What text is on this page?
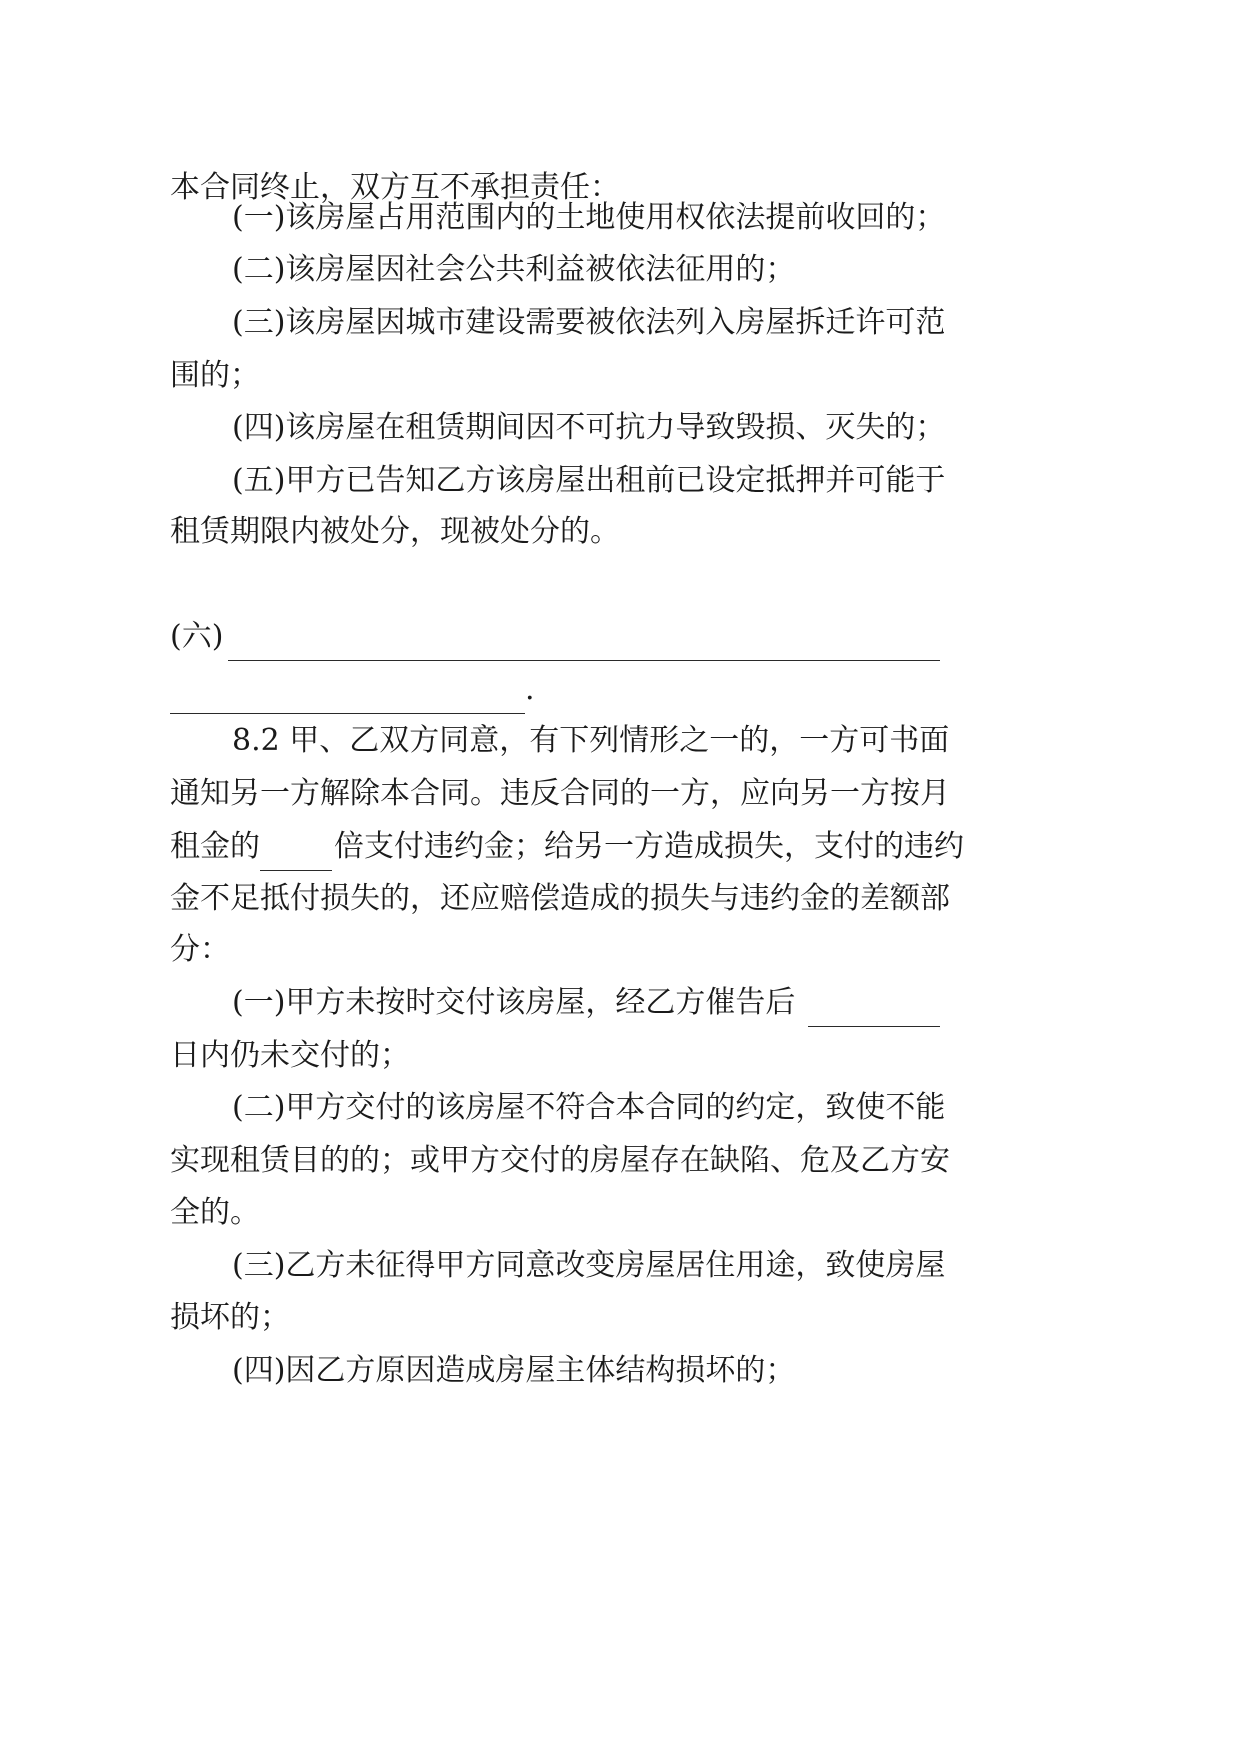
本合同终止，双方互不承担责任：
(一)该房屋占用范围内的土地使用权依法提前收回的；
(二)该房屋因社会公共利益被依法征用的；
(三)该房屋因城市建设需要被依法列入房屋拆迁许可范
围的；
(四)该房屋在租赁期间因不可抗力导致毁损、灭失的；
(五)甲方已告知乙方该房屋出租前已设定抵押并可能于
租赁期限内被处分，现被处分的。
(六)
.
8.2 甲、乙双方同意，有下列情形之一的，一方可书面
通知另一方解除本合同。违反合同的一方，应向另一方按月
租金的 倍支付违约金；给另一方造成损失，支付的违约
金不足抵付损失的，还应赔偿造成的损失与违约金的差额部
分：
(一)甲方未按时交付该房屋，经乙方催告后
日内仍未交付的；
(二)甲方交付的该房屋不符合本合同的约定，致使不能
实现租赁目的的；或甲方交付的房屋存在缺陷、危及乙方安
全的。
(三)乙方未征得甲方同意改变房屋居住用途，致使房屋
损坏的；
(四)因乙方原因造成房屋主体结构损坏的；
